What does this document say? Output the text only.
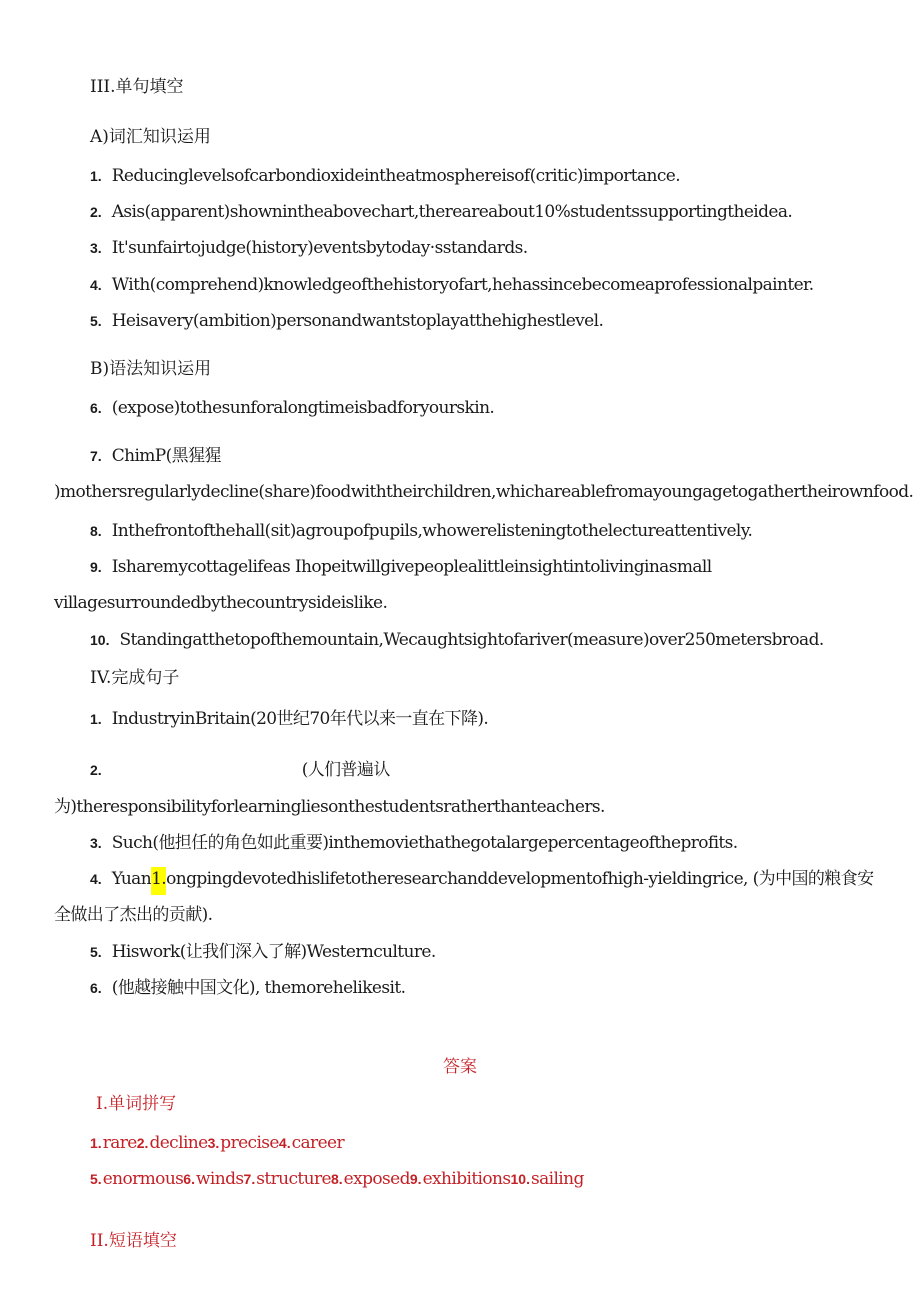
III.单句填空
A)词汇知识运用
1. Reducinglevelsofcarbondioxideintheatmosphereisof(critic)importance.
2. Asis(apparent)shownintheabovechart,thereareabout10%studentssupportingtheidea.
3. It'sunfairtojudge(history)eventsbytoday·sstandards.
4. With(comprehend)knowledgeofthehistoryofart,hehassincebecomeaprofessionalpainter.
5. Heisavery(ambition)personandwantstoplayatthehighestlevel.
B)语法知识运用
6. (expose)tothesunforalongtimeisbadforyourskin.
7. ChimP(黑猩猩
)mothersregularlydecline(share)foodwiththeirchildren,whichareablefromayoungagetogathertheirownfood.
8. Inthefrontofthehall(sit)agroupofpupils,whowerelisteningtothelectureattentively.
9. Isharemycottagelifeas Ihopeitwillgivepeoplealittleinsightintolivinginasmall
villagesurroundedbythecountrysideislike.
10. Standingatthetopofthemountain,Wecaughtsightofariver(measure)over250metersbroad.
IV.完成句子
1. IndustryinBritain(20世纪70年代以来一直在下降).
2.	(人们普遍认
为)theresponsibilityforlearningliesonthestudentsratherthanteachers.
3. Such(他担任的角色如此重要)inthemoviethathegotalargepercentageoftheprofits.
4. Yuan1.ongpingdevotedhislifetotheresearchanddevelopmentofhigh-yieldingrice, (为中国的粮食安
全做出了杰出的贡献).
5. Hiswork(让我们深入了解)Westernculture.
6. (他越接触中国文化), themorehelikesit.
答案
I.单词拼写
1.rare2.decline3.precise4.career
5.enormous6.winds7.structure8.exposed9.exhibitions10.sailing
II.短语填空
